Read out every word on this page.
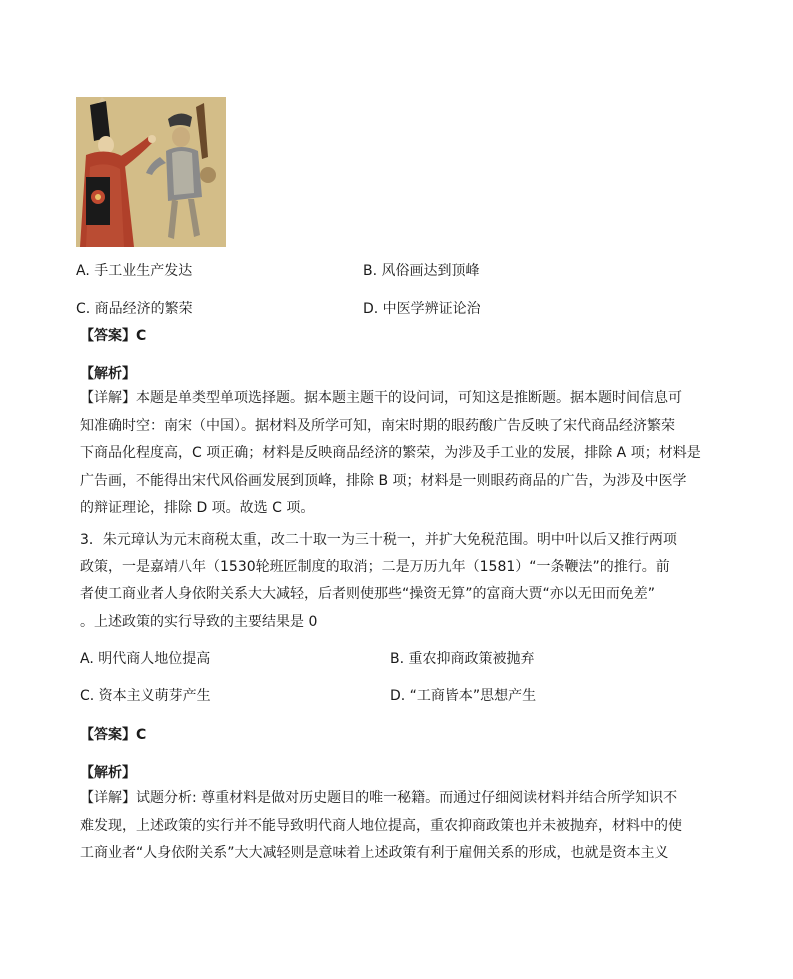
A. 手工业生产发达	B. 风俗画达到顶峰
C. 商品经济的繁荣	D. 中医学辨证论治
【答案】C
【解析】
【详解】本题是单类型单项选择题。据本题主题干的设问词，可知这是推断题。据本题时间信息可
知准确时空：南宋（中国）。据材料及所学可知，南宋时期的眼药酸广告反映了宋代商品经济繁荣
下商品化程度高，C 项正确；材料是反映商品经济的繁荣，为涉及手工业的发展，排除 A 项；材料是
广告画，不能得出宋代风俗画发展到顶峰，排除 B 项；材料是一则眼药商品的广告，为涉及中医学
的辩证理论，排除 D 项。故选 C 项。
3．朱元璋认为元末商税太重，改二十取一为三十税一，并扩大免税范围。明中叶以后又推行两项
政策，一是嘉靖八年（1530轮班匠制度的取消；二是万历九年（1581）“一条鞭法”的推行。前
者使工商业者人身依附关系大大减轻，后者则使那些“操资无算”的富商大贾“亦以无田而免差”
。上述政策的实行导致的主要结果是 0
A. 明代商人地位提高	B. 重农抑商政策被抛弃
C. 资本主义萌芽产生	D. “工商皆本”思想产生
【答案】C
【解析】
【详解】试题分析: 尊重材料是做对历史题目的唯一秘籍。而通过仔细阅读材料并结合所学知识不
难发现，上述政策的实行并不能导致明代商人地位提高，重农抑商政策也并未被抛弃，材料中的使
工商业者“人身依附关系”大大减轻则是意味着上述政策有利于雇佣关系的形成，也就是资本主义
